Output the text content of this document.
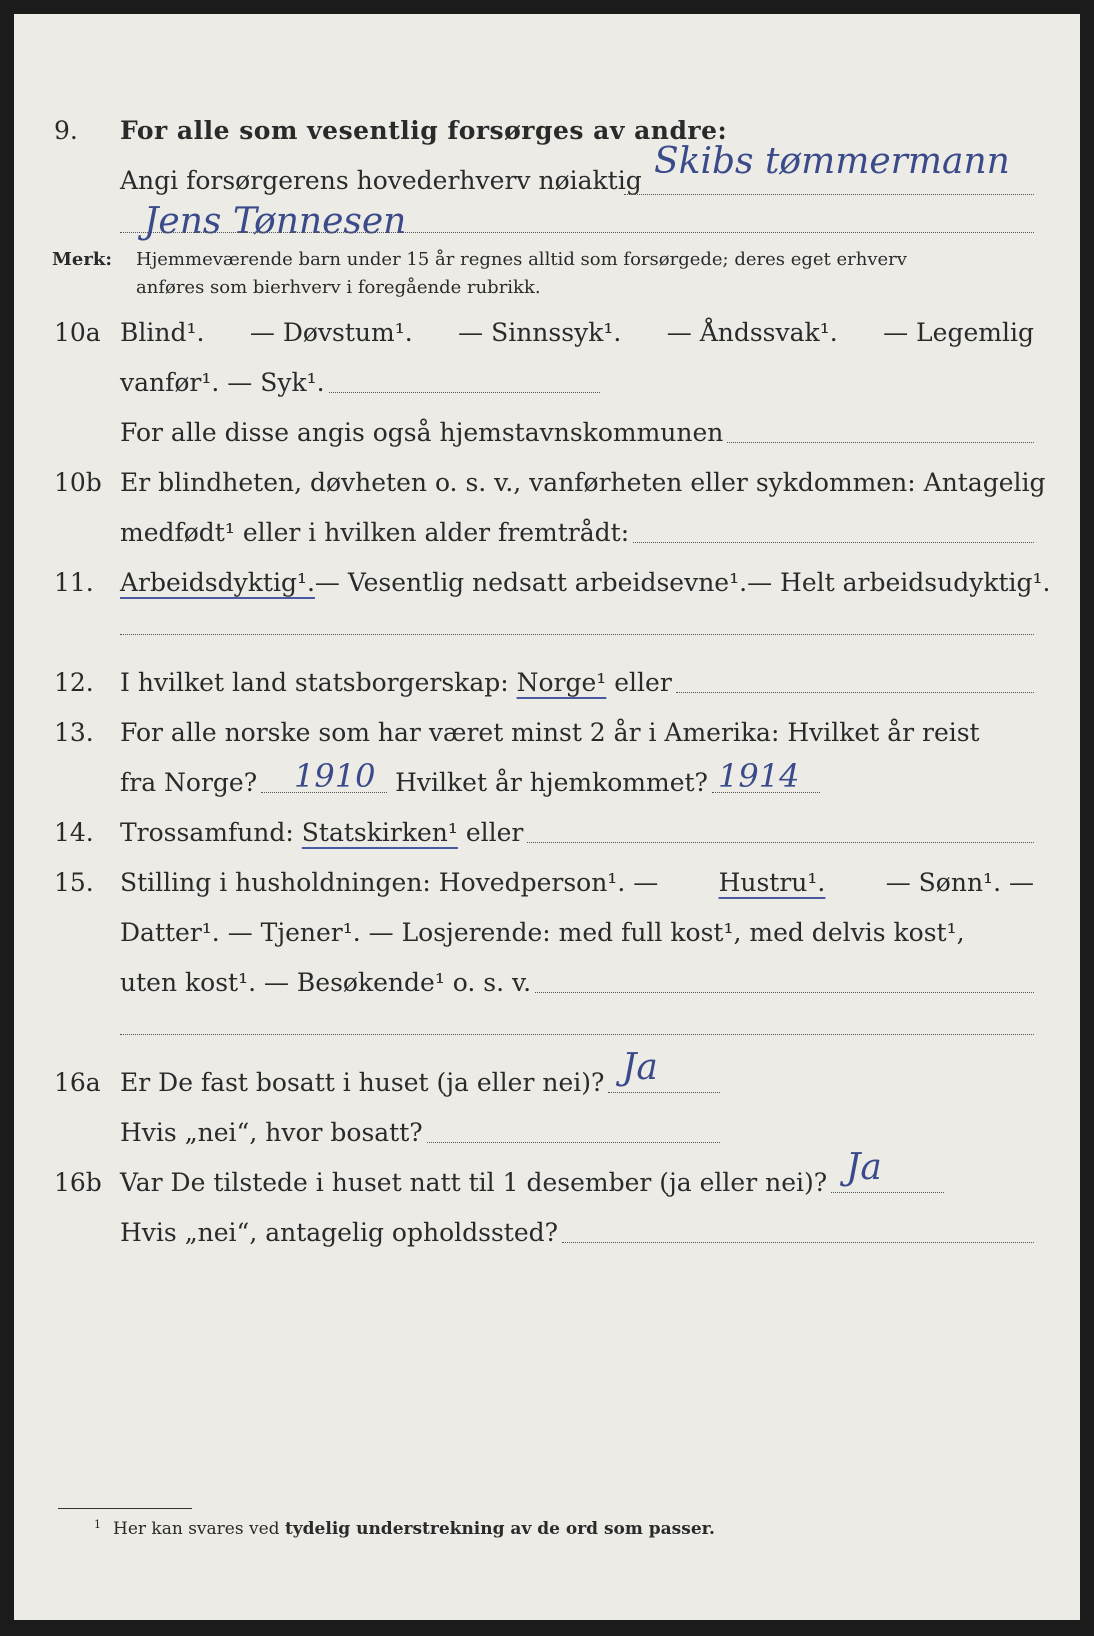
9.	For alle som vesentlig forsørges av andre:
Skibs tømmermann
Angi forsørgerens hovederhverv nøiaktig
Jens Tønnesen
Merk: Hjemmeværende barn under 15 år regnes alltid som forsørgede; deres eget erhverv
anføres som bierhverv i foregående rubrikk.
10a Blind¹. — Døvstum¹. — Sinnssyk¹. — Åndssvak¹. — Legemlig
vanfør¹. — Syk¹.
For alle disse angis også hjemstavnskommunen
10b Er blindheten, døvheten o. s. v., vanførheten eller sykdommen: Antagelig
medfødt¹ eller i hvilken alder fremtrådt:
11.	Arbeidsdyktig¹. — Vesentlig nedsatt arbeidsevne¹. — Helt arbeidsudyktig¹.
12.	I hvilket land statsborgerskap: Norge¹ eller
13.	For alle norske som har været minst 2 år i Amerika: Hvilket år reist
fra Norge?	Hvilket år hjemkommet?
1910	1914
14.	Trossamfund: Statskirken¹ eller
15.	Stilling i husholdningen: Hovedperson¹. — Hustru¹. — Sønn¹. —
Datter¹. — Tjener¹. — Losjerende: med full kost¹, med delvis kost¹,
uten kost¹. — Besøkende¹ o. s. v.
16a Er De fast bosatt i huset (ja eller nei)? Ja
Hvis „nei“, hvor bosatt?
16b Var De tilstede i huset natt til 1 desember (ja eller nei)? Ja
Hvis „nei“, antagelig opholdssted?
$^1$ Her kan svares ved tydelig understrekning av de ord som passer.
